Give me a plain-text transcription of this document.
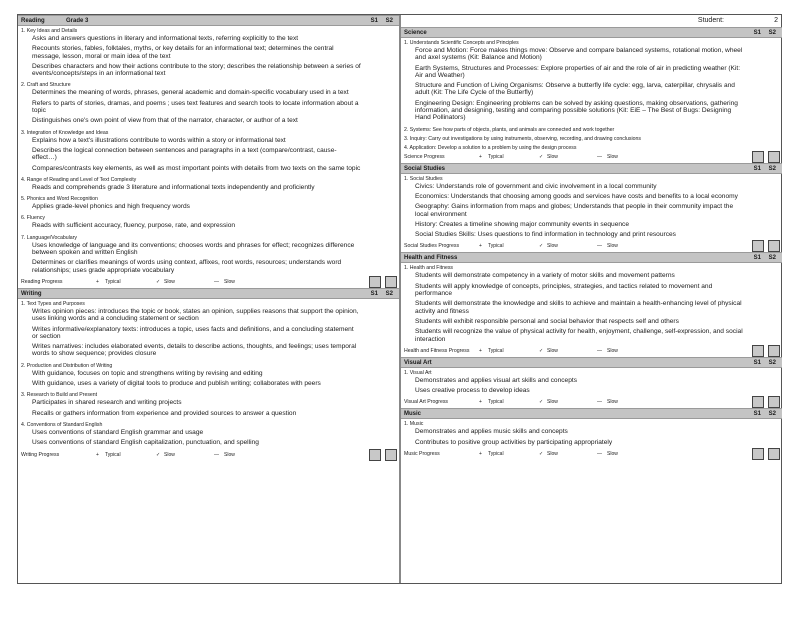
Reading	Grade 3	S1 S2
1. Key Ideas and Details
Asks and answers questions in literary and informational texts, referring explicitly to the text
Recounts stories, fables, folktales, myths, or key details for an informational text; determines the central message, lesson, moral or main idea of the text
Describes characters and how their actions contribute to the story; describes the relationship between a series of events/concepts/steps in an informational text
2. Craft and Structure
Determines the meaning of words, phrases, general academic and domain-specific vocabulary used in a text
Refers to parts of stories, dramas, and poems ; uses text features and search tools to locate information about a topic
Distinguishes one's own point of view from that of the narrator, character, or author of a text
3. Integration of Knowledge and Ideas
Explains how a text's illustrations contribute to words within a story or informational text
Describes the logical connection between sentences and paragraphs in a text (compare/contrast, cause-effect…)
Compares/contrasts key elements, as well as most important points with details from two texts on the same topic
4. Range of Reading and Level of Text Complexity
Reads and comprehends grade 3 literature and informational texts independently and proficiently
5. Phonics and Word Recognition
Applies grade-level phonics and high frequency words
6. Fluency
Reads with sufficient accuracy, fluency, purpose, rate, and expression
7. Language/Vocabulary
Uses knowledge of language and its conventions; chooses words and phrases for effect; recognizes difference between spoken and written English
Determines or clarifies meanings of words using context, affixes, root words, resources; understands word relationships; uses grade appropriate vocabulary
Reading Progress	+ Typical	✓ Slow	— Slow
Writing	S1 S2
1. Text Types and Purposes
Writes opinion pieces: introduces the topic or book, states an opinion, supplies reasons that support the opinion, uses linking words and a concluding statement or section
Writes informative/explanatory texts: introduces a topic, uses facts and definitions, and a concluding statement or section
Writes narratives: includes elaborated events, details to describe actions, thoughts, and feelings; uses temporal words to show sequence; provides closure
2. Production and Distribution of Writing
With guidance, focuses on topic and strengthens writing by revising and editing
With guidance, uses a variety of digital tools to produce and publish writing; collaborates with peers
3. Research to Build and Present
Participates in shared research and writing projects
Recalls or gathers information from experience and provided sources to answer a question
4. Conventions of Standard English
Uses conventions of standard English grammar and usage
Uses conventions of standard English capitalization, punctuation, and spelling
Writing Progress	+ Typical	✓ Slow	— Slow
Student:	2
Science	S1 S2
1. Understands Scientific Concepts and Principles
Force and Motion: Force makes things move: Observe and compare balanced systems, rotational motion, wheel and axel systems (Kit: Balance and Motion)
Earth Systems, Structures and Processes: Explore properties of air and the role of air in predicting weather (Kit: Air and Weather)
Structure and Function of Living Organisms: Observe a butterfly life cycle: egg, larva, caterpillar, chrysalis and adult (Kit: The Life Cycle of the Butterfly)
Engineering Design: Engineering problems can be solved by asking questions, making observations, gathering information, and designing, testing and comparing possible solutions (Kit: EiE – The Best of Bugs: Designing Hand Pollinators)
2. Systems: See how parts of objects, plants, and animals are connected and work together
3. Inquiry: Carry out investigations by using instruments, observing, recording, and drawing conclusions
4. Application: Develop a solution to a problem by using the design process
Science Progress	+ Typical	✓ Slow	— Slow
Social Studies	S1 S2
1. Social Studies
Civics: Understands role of government and civic involvement in a local community
Economics: Understands that choosing among goods and services have costs and benefits to a local economy
Geography: Gains information from maps and globes; Understands that people in their community impact the local environment
History: Creates a timeline showing major community events in sequence
Social Studies Skills: Uses questions to find information in technology and print resources
Social Studies Progress	+ Typical	✓ Slow	— Slow
Health and Fitness	S1 S2
1. Health and Fitness
Students will demonstrate competency in a variety of motor skills and movement patterns
Students will apply knowledge of concepts, principles, strategies, and tactics related to movement and performance
Students will demonstrate the knowledge and skills to achieve and maintain a health-enhancing level of physical activity and fitness
Students will exhibit responsible personal and social behavior that respects self and others
Students will recognize the value of physical activity for health, enjoyment, challenge, self-expression, and social interaction
Health and Fitness Progress + Typical	✓ Slow	— Slow
Visual Art	S1 S2
1. Visual Art
Demonstrates and applies visual art skills and concepts
Uses creative process to develop ideas
Visual Art Progress	+ Typical	✓ Slow	— Slow
Music	S1 S2
1. Music
Demonstrates and applies music skills and concepts
Contributes to positive group activities by participating appropriately
Music Progress	+ Typical	✓ Slow	— Slow
